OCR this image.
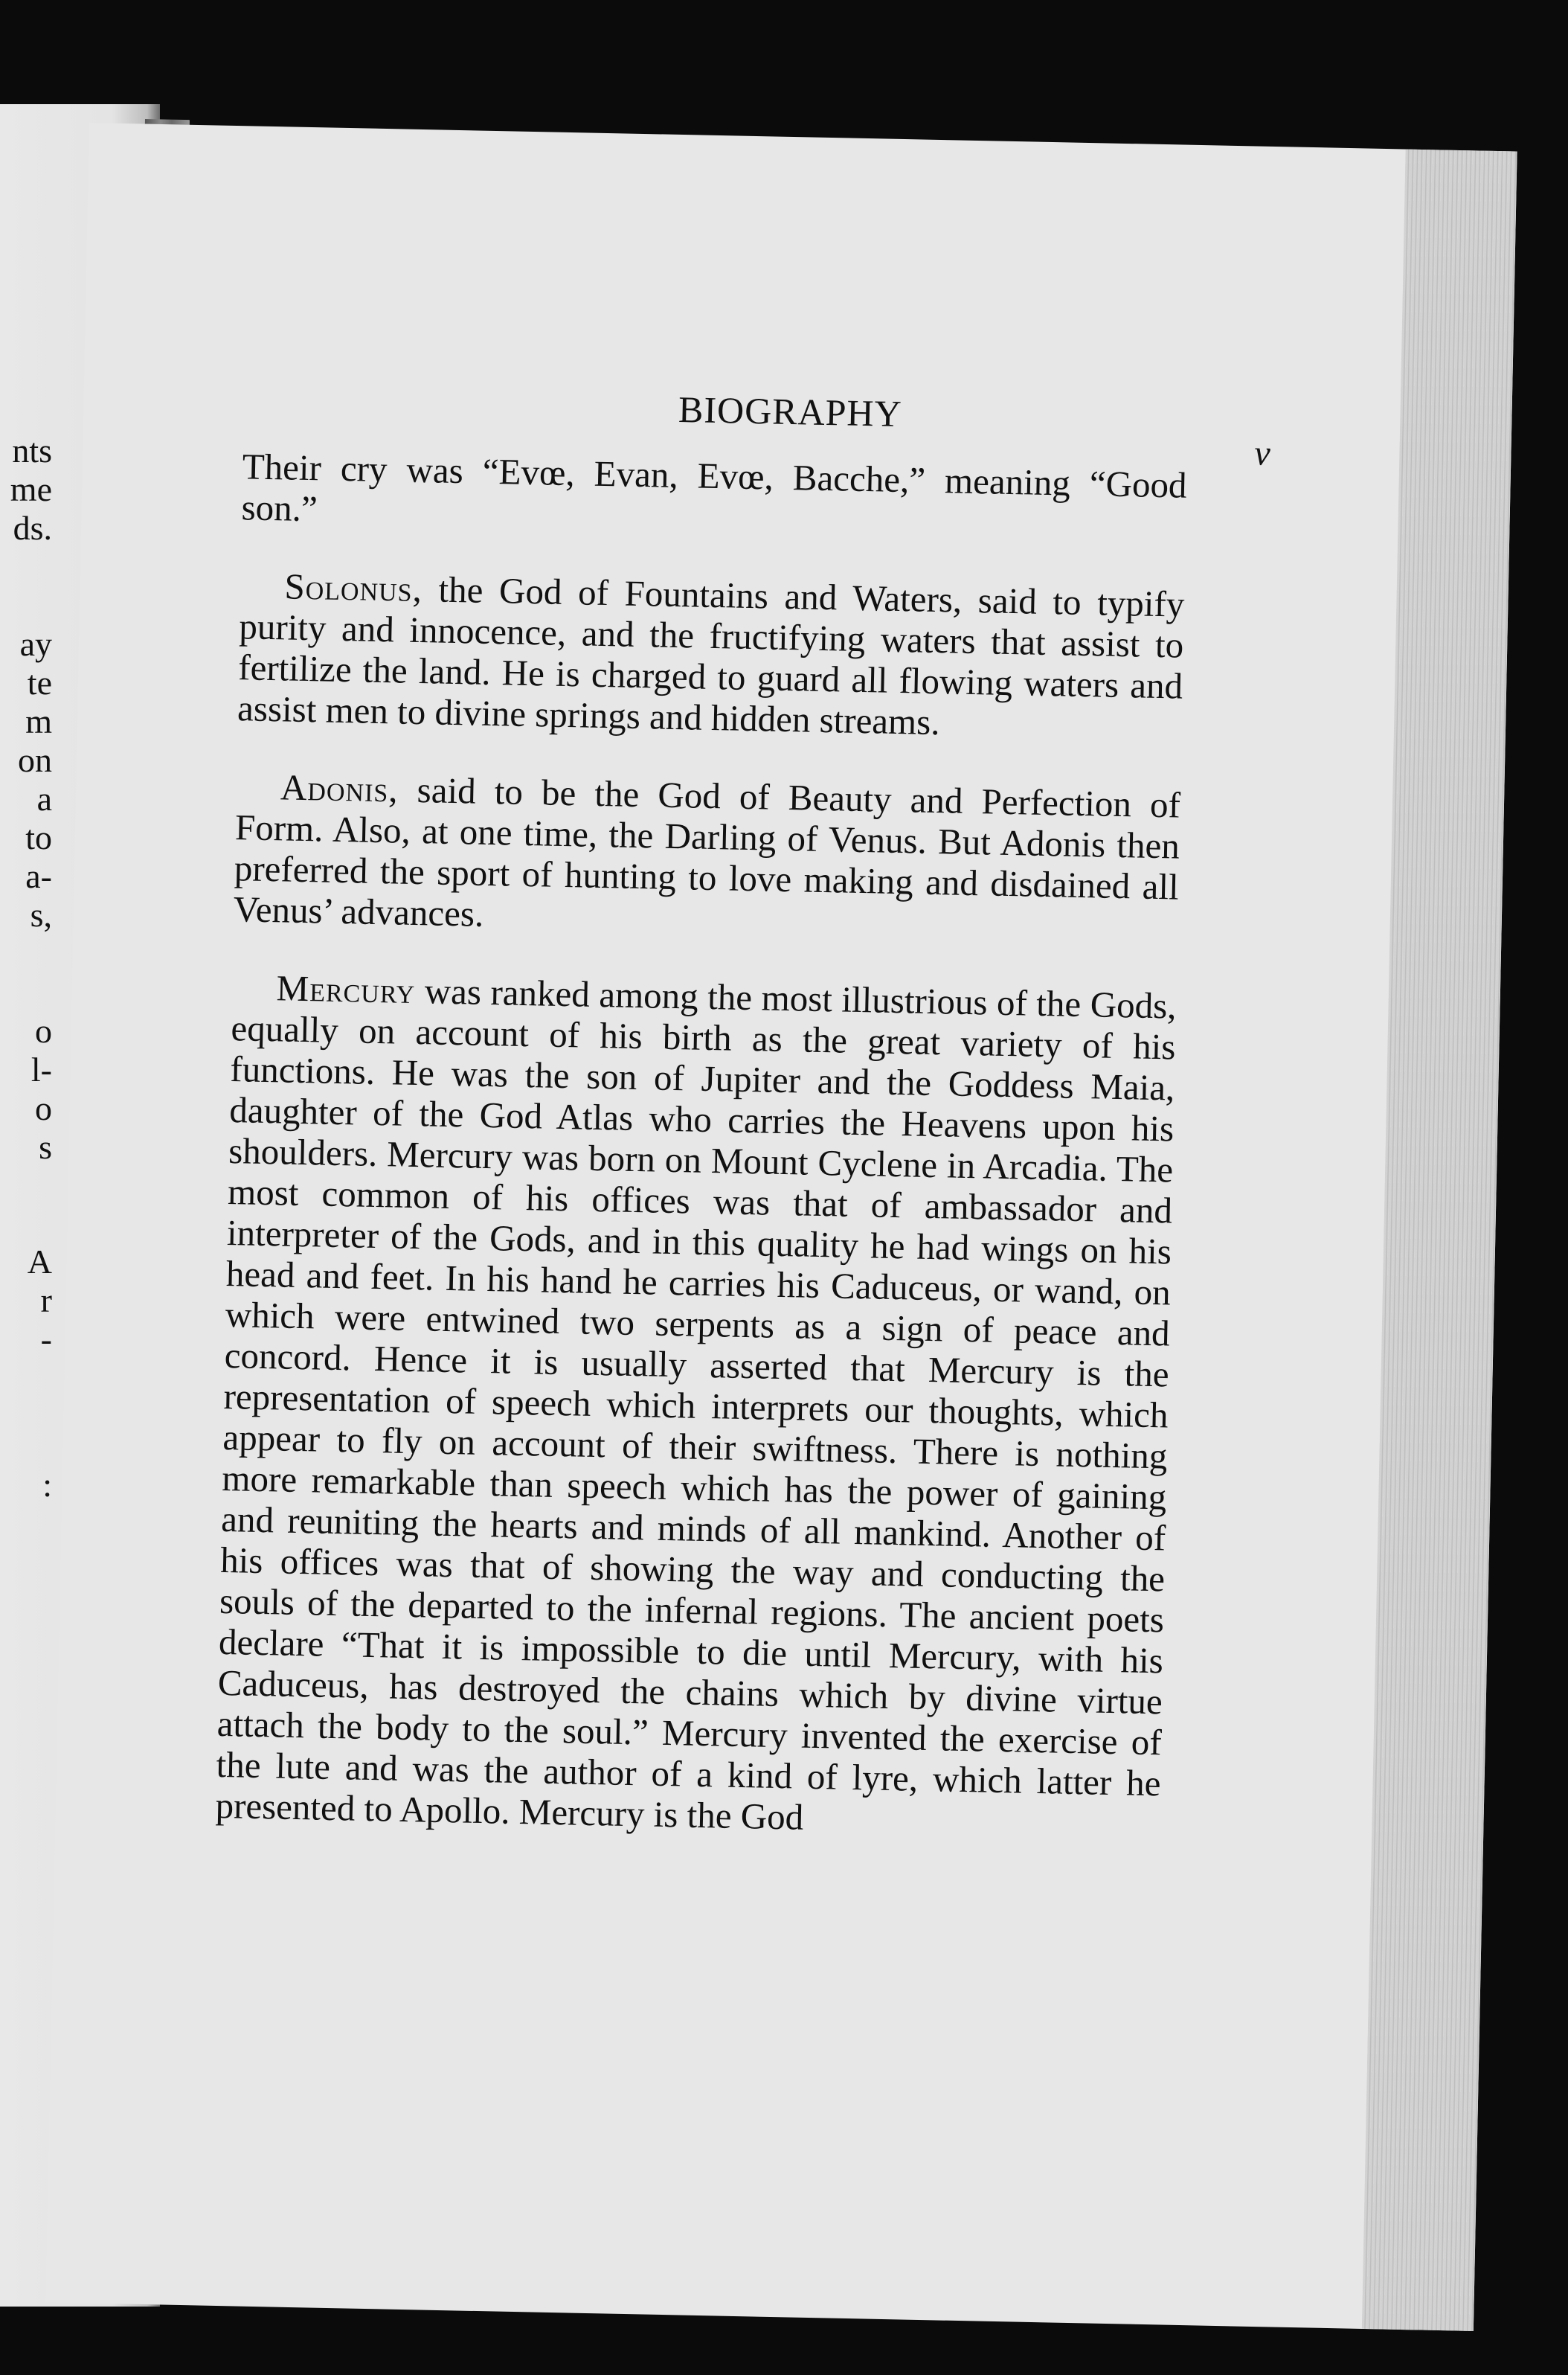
nts
me
ds.
ay
te
m
on
a
to
a-
s,
o
l-
o
s
A
r
-
:
BIOGRAPHY
v

Their cry was “Evœ, Evan, Evœ, Bacche,” meaning “Good son.”

Solonus, the God of Fountains and Waters, said to typify purity and innocence, and the fructifying waters that assist to fertilize the land. He is charged to guard all flowing waters and assist men to divine springs and hidden streams.

Adonis, said to be the God of Beauty and Perfection of Form. Also, at one time, the Darling of Venus. But Adonis then preferred the sport of hunting to love making and disdained all Venus’ advances.

Mercury was ranked among the most illustrious of the Gods, equally on account of his birth as the great variety of his functions. He was the son of Jupiter and the Goddess Maia, daughter of the God Atlas who carries the Heavens upon his shoulders. Mercury was born on Mount Cyclene in Arcadia. The most common of his offices was that of ambassador and interpreter of the Gods, and in this quality he had wings on his head and feet. In his hand he carries his Caduceus, or wand, on which were entwined two serpents as a sign of peace and concord. Hence it is usually asserted that Mercury is the representation of speech which interprets our thoughts, which appear to fly on account of their swiftness. There is nothing more remarkable than speech which has the power of gaining and reuniting the hearts and minds of all mankind. Another of his offices was that of showing the way and conducting the souls of the departed to the infernal regions. The ancient poets declare “That it is impossible to die until Mercury, with his Caduceus, has destroyed the chains which by divine virtue attach the body to the soul.” Mercury invented the exercise of the lute and was the author of a kind of lyre, which latter he presented to Apollo. Mercury is the God
